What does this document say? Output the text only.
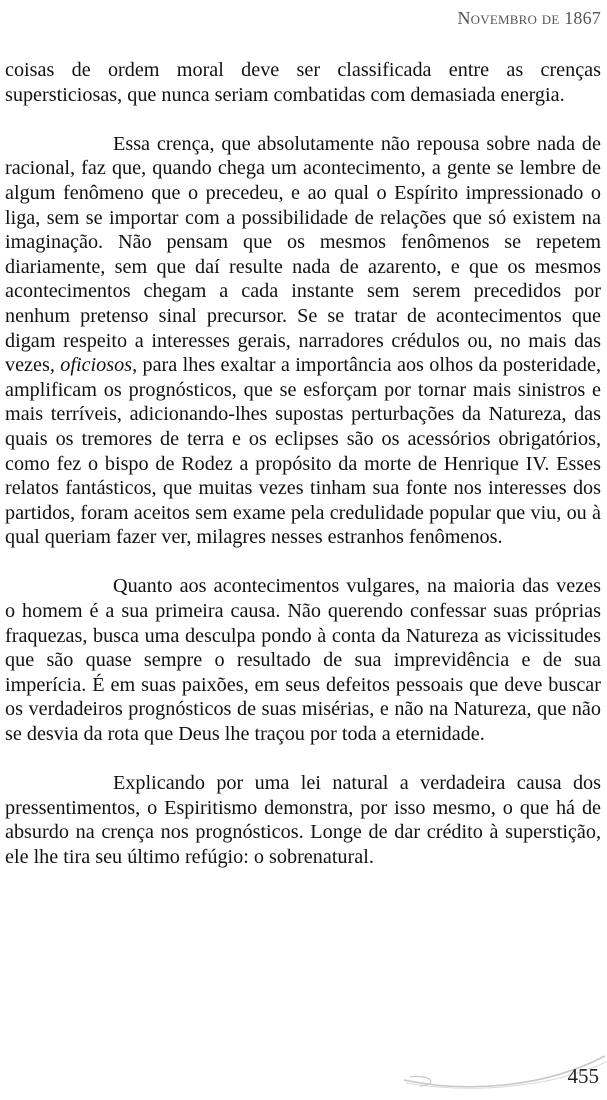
Novembro de 1867

coisas de ordem moral deve ser classificada entre as crenças supersticiosas, que nunca seriam combatidas com demasiada energia.

Essa crença, que absolutamente não repousa sobre nada de racional, faz que, quando chega um acontecimento, a gente se lembre de algum fenômeno que o precedeu, e ao qual o Espírito impressionado o liga, sem se importar com a possibilidade de relações que só existem na imaginação. Não pensam que os mesmos fenômenos se repetem diariamente, sem que daí resulte nada de azarento, e que os mesmos acontecimentos chegam a cada instante sem serem precedidos por nenhum pretenso sinal precursor. Se se tratar de acontecimentos que digam respeito a interesses gerais, narradores crédulos ou, no mais das vezes, oficiosos, para lhes exaltar a importância aos olhos da posteridade, amplificam os prognósticos, que se esforçam por tornar mais sinistros e mais terríveis, adicionando-lhes supostas perturbações da Natureza, das quais os tremores de terra e os eclipses são os acessórios obrigatórios, como fez o bispo de Rodez a propósito da morte de Henrique IV. Esses relatos fantásticos, que muitas vezes tinham sua fonte nos interesses dos partidos, foram aceitos sem exame pela credulidade popular que viu, ou à qual queriam fazer ver, milagres nesses estranhos fenômenos.

Quanto aos acontecimentos vulgares, na maioria das vezes o homem é a sua primeira causa. Não querendo confessar suas próprias fraquezas, busca uma desculpa pondo à conta da Natureza as vicissitudes que são quase sempre o resultado de sua imprevidência e de sua imperícia. É em suas paixões, em seus defeitos pessoais que deve buscar os verdadeiros prognósticos de suas misérias, e não na Natureza, que não se desvia da rota que Deus lhe traçou por toda a eternidade.

Explicando por uma lei natural a verdadeira causa dos pressentimentos, o Espiritismo demonstra, por isso mesmo, o que há de absurdo na crença nos prognósticos. Longe de dar crédito à superstição, ele lhe tira seu último refúgio: o sobrenatural.

455
